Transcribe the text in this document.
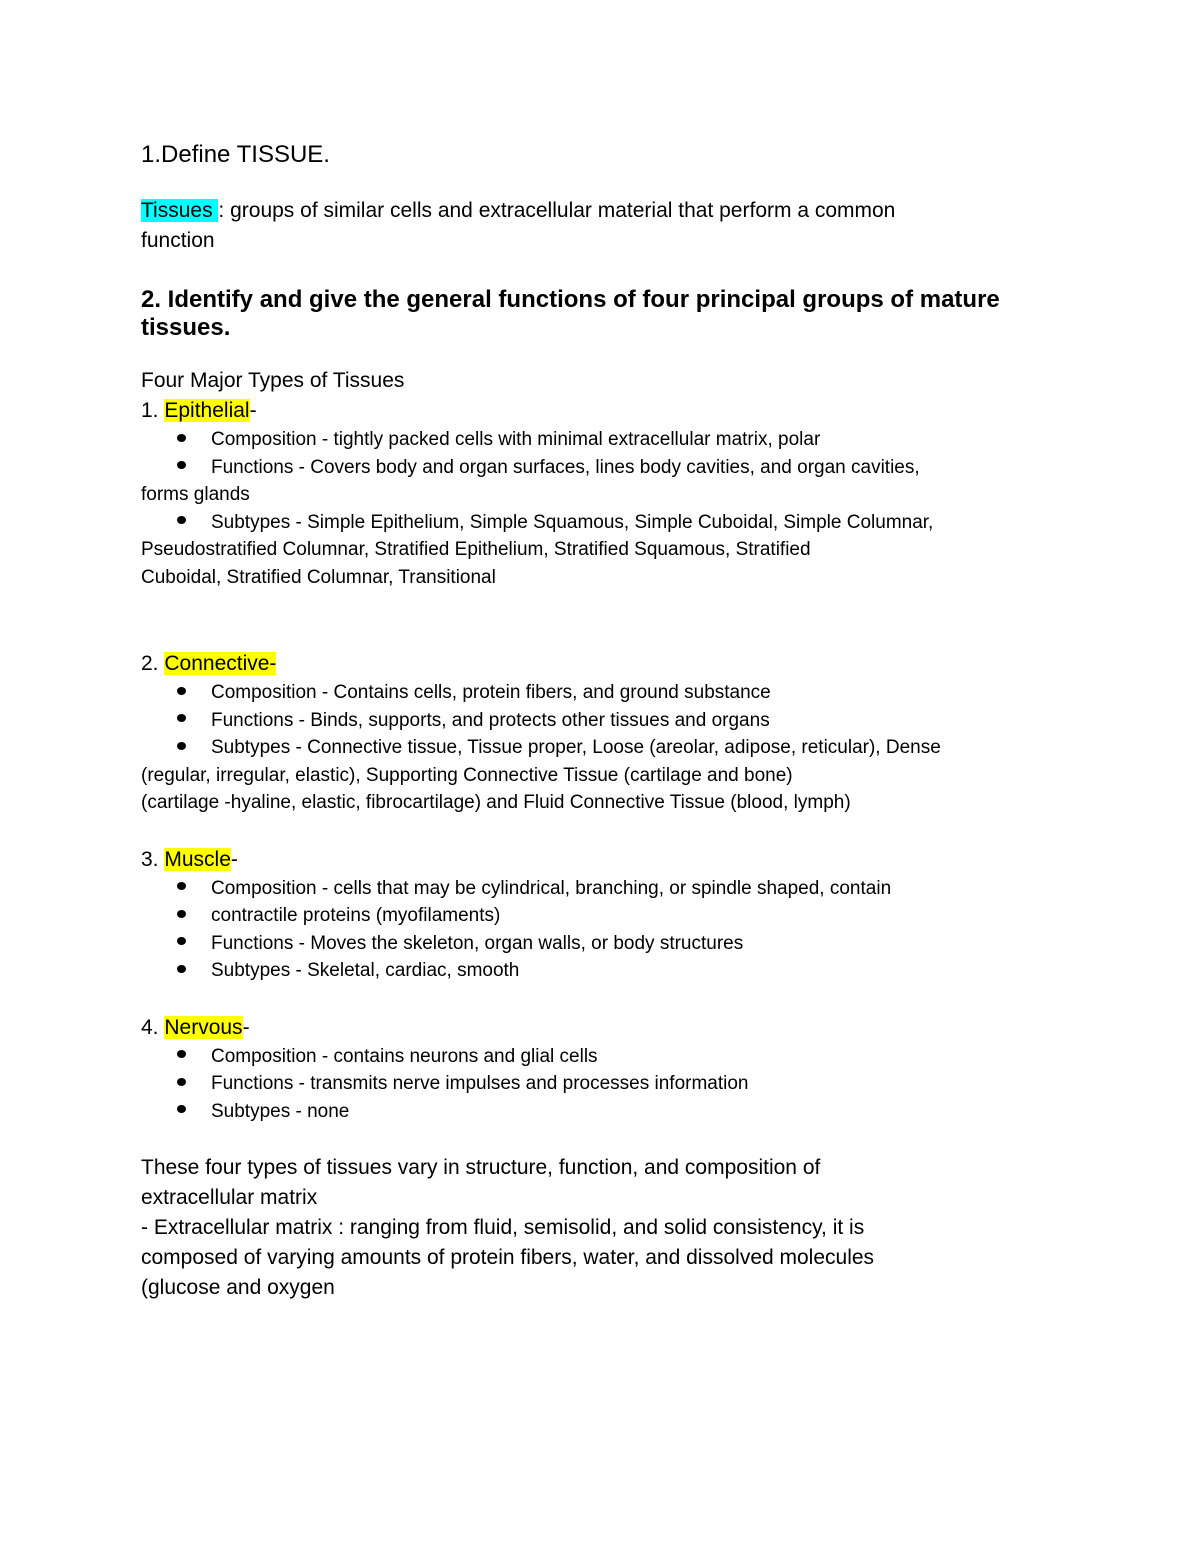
1.Define TISSUE.

Tissues : groups of similar cells and extracellular material that perform a common

function

2. Identify and give the general functions of four principal groups of mature
tissues.

Four Major Types of Tissues

1. Epithelial-

Composition - tightly packed cells with minimal extracellular matrix, polar

Functions - Covers body and organ surfaces, lines body cavities, and organ cavities,

forms glands

Subtypes - Simple Epithelium, Simple Squamous, Simple Cuboidal, Simple Columnar,

Pseudostratified Columnar, Stratified Epithelium, Stratified Squamous, Stratified

Cuboidal, Stratified Columnar, Transitional

2. Connective-

Composition - Contains cells, protein fibers, and ground substance

Functions - Binds, supports, and protects other tissues and organs

Subtypes - Connective tissue, Tissue proper, Loose (areolar, adipose, reticular), Dense

(regular, irregular, elastic), Supporting Connective Tissue (cartilage and bone)

(cartilage -hyaline, elastic, fibrocartilage) and Fluid Connective Tissue (blood, lymph)

3. Muscle-

Composition - cells that may be cylindrical, branching, or spindle shaped, contain

contractile proteins (myofilaments)

Functions - Moves the skeleton, organ walls, or body structures

Subtypes - Skeletal, cardiac, smooth

4. Nervous-

Composition - contains neurons and glial cells

Functions - transmits nerve impulses and processes information

Subtypes - none

These four types of tissues vary in structure, function, and composition of

extracellular matrix

- Extracellular matrix : ranging from fluid, semisolid, and solid consistency, it is

composed of varying amounts of protein fibers, water, and dissolved molecules

(glucose and oxygen
